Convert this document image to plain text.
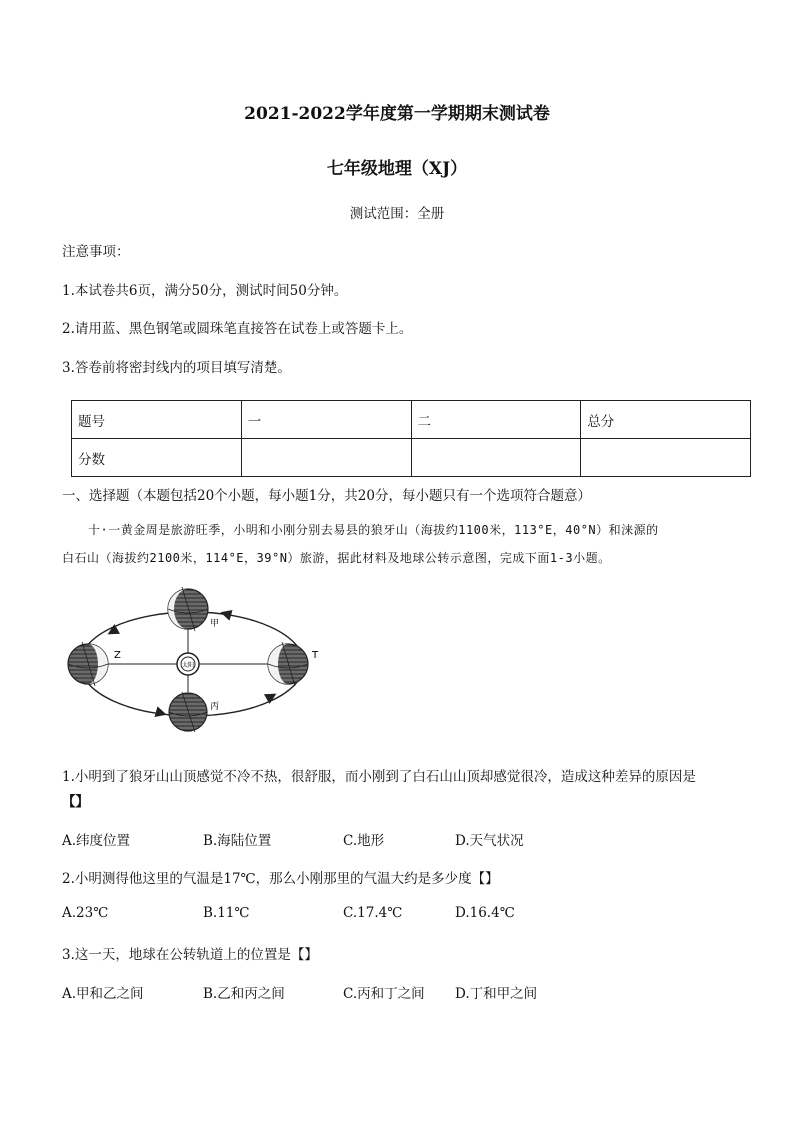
2021-2022学年度第一学期期末测试卷
七年级地理（XJ）
测试范围：全册
注意事项：
1.本试卷共6页，满分50分，测试时间50分钟。
2.请用蓝、黑色钢笔或圆珠笔直接答在试卷上或答题卡上。
3.答卷前将密封线内的项目填写清楚。
题号	一	二	总分
分数			
一、选择题（本题包括20个小题，每小题1分，共20分，每小题只有一个选项符合题意）
十·一黄金周是旅游旺季，小明和小刚分别去易县的狼牙山（海拔约1100米，113°E，40°N）和涞源的
白石山（海拔约2100米，114°E，39°N）旅游，据此材料及地球公转示意图，完成下面1-3小题。
太阳
甲
Z	T
丙
1.小明到了狼牙山山顶感觉不冷不热，很舒服，而小刚到了白石山山顶却感觉很冷，造成这种差异的原因是
【】
A.纬度位置	B.海陆位置	C.地形	D.天气状况
2.小明测得他这里的气温是17℃，那么小刚那里的气温大约是多少度【】
A.23℃	B.11℃	C.17.4℃	D.16.4℃
3.这一天，地球在公转轨道上的位置是【】
A.甲和乙之间	B.乙和丙之间	C.丙和丁之间 D.丁和甲之间
